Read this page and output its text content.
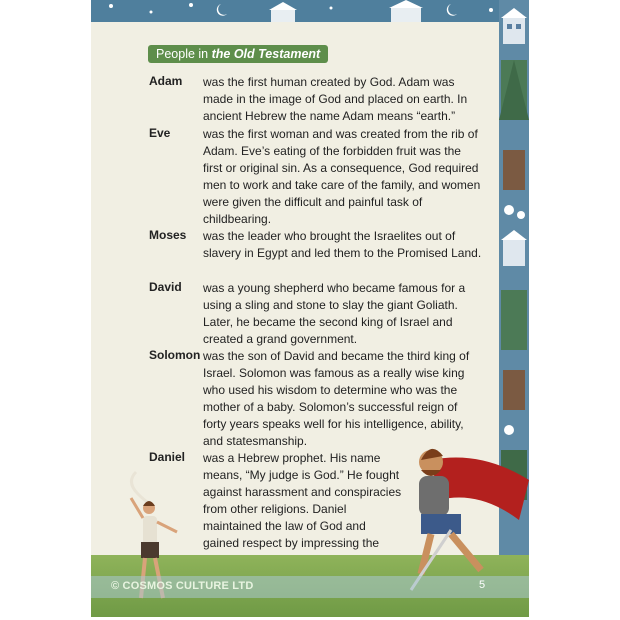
People in the Old Testament
Adam	was the first human created by God. Adam was made in the image of God and placed on earth. In ancient Hebrew the name Adam means “earth.”
Eve	was the first woman and was created from the rib of Adam. Eve’s eating of the forbidden fruit was the first or original sin. As a consequence, God required men to work and take care of the family, and women were given the difficult and painful task of childbearing.
Moses	was the leader who brought the Israelites out of slavery in Egypt and led them to the Promised Land.
David	was a young shepherd who became famous for a using a sling and stone to slay the giant Goliath. Later, he became the second king of Israel and created a grand government.
Solomon was the son of David and became the third king of Israel. Solomon was famous as a really wise king who used his wisdom to determine who was the mother of a baby. Solomon’s successful reign of forty years speaks well for his intelligence, ability, and statesmanship.
Daniel	was a Hebrew prophet. His name means, “My judge is God.” He fought against harassment and conspiracies from other religions. Daniel maintained the law of God and gained respect by impressing the
© COSMOS CULTURE LTD	5
